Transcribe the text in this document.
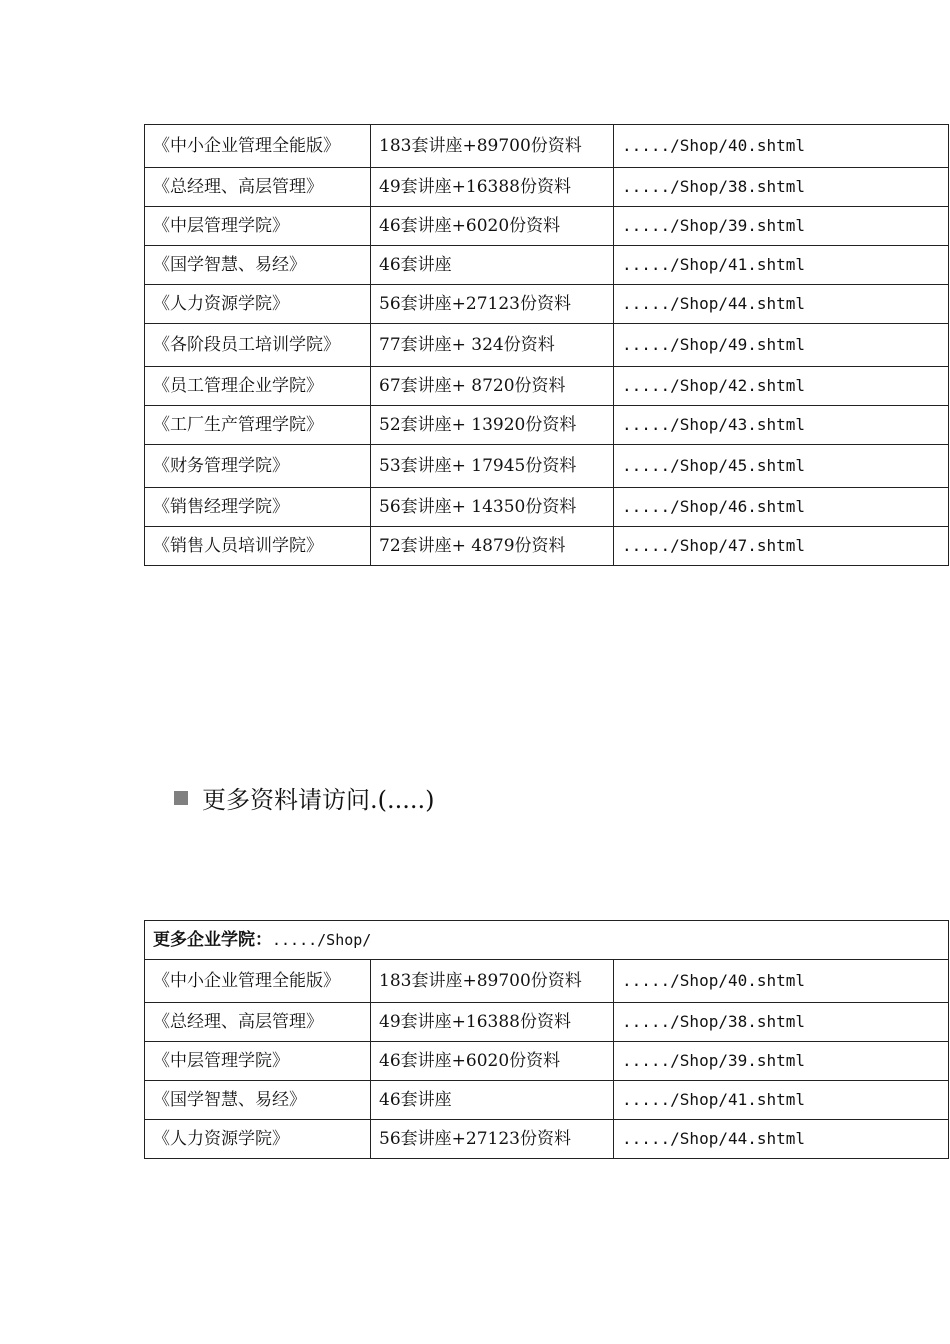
《中小企业管理全能版》	183套讲座+89700份资料	...../Shop/40.shtml
《总经理、高层管理》	49套讲座+16388份资料	...../Shop/38.shtml
《中层管理学院》	46套讲座+6020份资料	...../Shop/39.shtml
《国学智慧、易经》	46套讲座	...../Shop/41.shtml
《人力资源学院》	56套讲座+27123份资料	...../Shop/44.shtml
《各阶段员工培训学院》	77套讲座+ 324份资料	...../Shop/49.shtml
《员工管理企业学院》	67套讲座+ 8720份资料	...../Shop/42.shtml
《工厂生产管理学院》	52套讲座+ 13920份资料	...../Shop/43.shtml
《财务管理学院》	53套讲座+ 17945份资料	...../Shop/45.shtml
《销售经理学院》	56套讲座+ 14350份资料	...../Shop/46.shtml
《销售人员培训学院》	72套讲座+ 4879份资料	...../Shop/47.shtml
更多资料请访问.(.....)
更多企业学院：...../Shop/		
《中小企业管理全能版》	183套讲座+89700份资料	...../Shop/40.shtml
《总经理、高层管理》	49套讲座+16388份资料	...../Shop/38.shtml
《中层管理学院》	46套讲座+6020份资料	...../Shop/39.shtml
《国学智慧、易经》	46套讲座	...../Shop/41.shtml
《人力资源学院》	56套讲座+27123份资料	...../Shop/44.shtml
